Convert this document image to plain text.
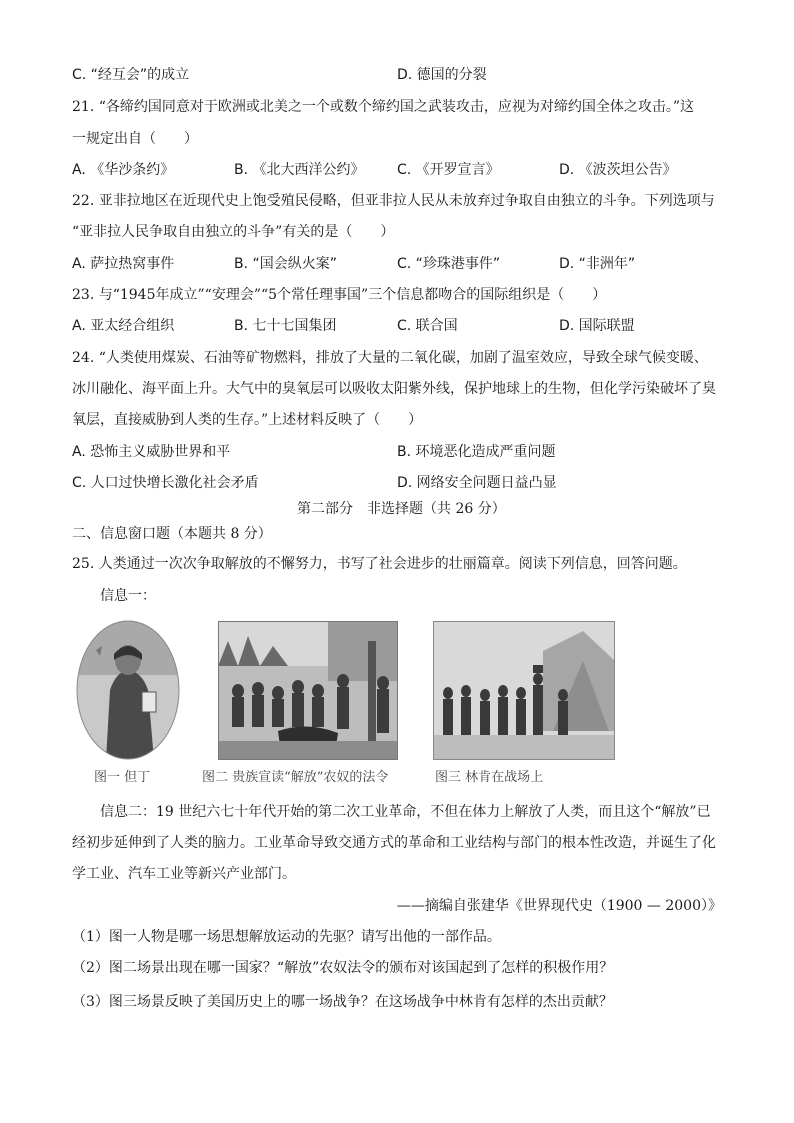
C. “经互会”的成立	D. 德国的分裂
21. “各缔约国同意对于欧洲或北美之一个或数个缔约国之武装攻击，应视为对缔约国全体之攻击。”这
一规定出自（　　）
A. 《华沙条约》	B. 《北大西洋公约》 C. 《开罗宣言》	D. 《波茨坦公告》
22. 亚非拉地区在近现代史上饱受殖民侵略，但亚非拉人民从未放弃过争取自由独立的斗争。下列选项与
“亚非拉人民争取自由独立的斗争”有关的是（　　）
A. 萨拉热窝事件	B. “国会纵火案”	C. “珍珠港事件”	D. “非洲年”
23. 与“1945年成立”“安理会”“5个常任理事国”三个信息都吻合的国际组织是（　　）
A. 亚太经合组织	B. 七十七国集团	C. 联合国	D. 国际联盟
24. “人类使用煤炭、石油等矿物燃料，排放了大量的二氧化碳，加剧了温室效应，导致全球气候变暖、
冰川融化、海平面上升。大气中的臭氧层可以吸收太阳紫外线，保护地球上的生物，但化学污染破坏了臭
氧层，直接威胁到人类的生存。”上述材料反映了（　　）
A. 恐怖主义威胁世界和平	B. 环境恶化造成严重问题
C. 人口过快增长激化社会矛盾	D. 网络安全问题日益凸显
第二部分　非选择题（共 26 分）
二、信息窗口题（本题共 8 分）
25. 人类通过一次次争取解放的不懈努力，书写了社会进步的壮丽篇章。阅读下列信息，回答问题。
信息一：
图一 但丁	图二 贵族宣读“解放”农奴的法令	图三 林肯在战场上
信息二：19 世纪六七十年代开始的第二次工业革命，不但在体力上解放了人类，而且这个“解放”已
经初步延伸到了人类的脑力。工业革命导致交通方式的革命和工业结构与部门的根本性改造，并诞生了化
学工业、汽车工业等新兴产业部门。
——摘编自张建华《世界现代史（1900 — 2000）》
（1）图一人物是哪一场思想解放运动的先驱？请写出他的一部作品。
（2）图二场景出现在哪一国家？“解放”农奴法令的颁布对该国起到了怎样的积极作用？
（3）图三场景反映了美国历史上的哪一场战争？在这场战争中林肯有怎样的杰出贡献？
